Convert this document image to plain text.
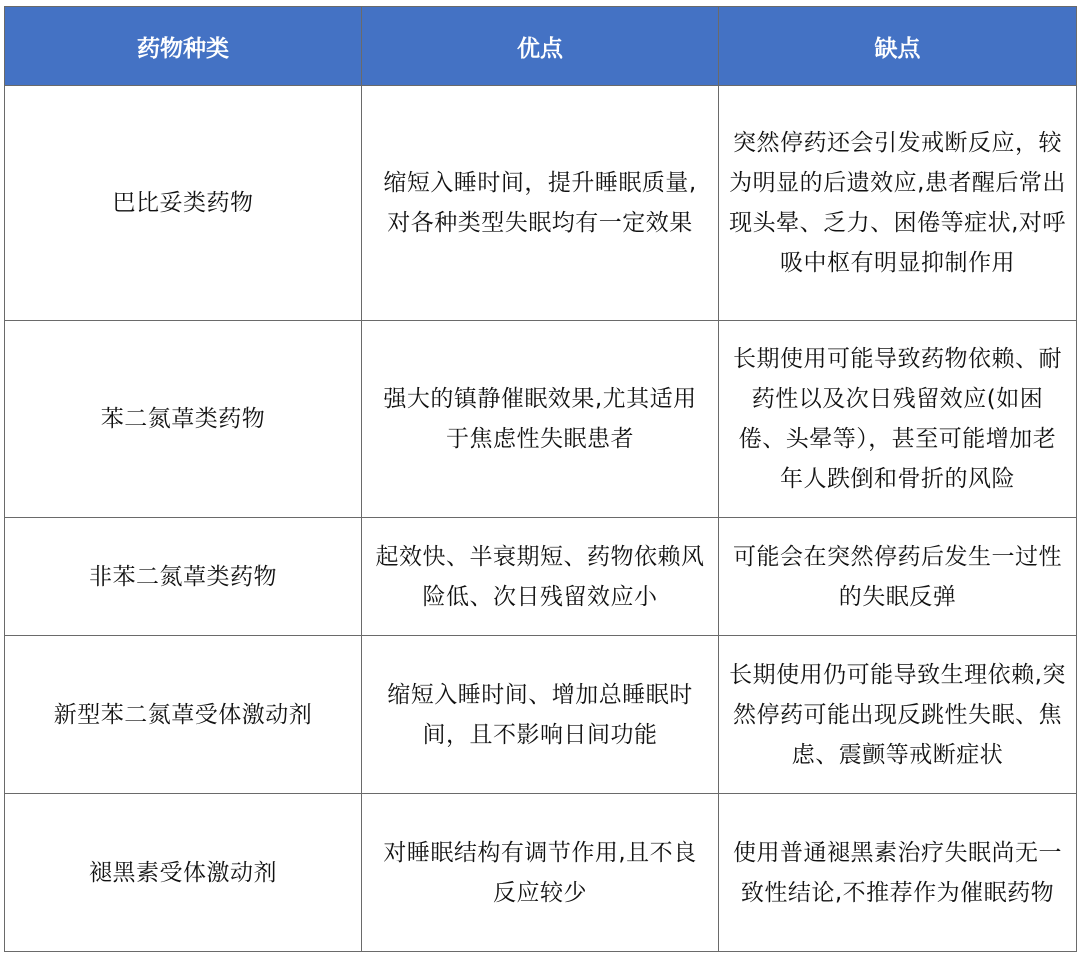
药物种类	优点	缺点
巴比妥类药物	缩短入睡时间，提升睡眠质量,对各种类型失眠均有一定效果	突然停药还会引发戒断反应，较为明显的后遗效应,患者醒后常出现头晕、乏力、困倦等症状,对呼吸中枢有明显抑制作用
苯二氮䓬类药物	强大的镇静催眠效果,尤其适用于焦虑性失眠患者	长期使用可能导致药物依赖、耐药性以及次日残留效应(如困倦、头晕等），甚至可能增加老年人跌倒和骨折的风险
非苯二氮䓬类药物	起效快、半衰期短、药物依赖风险低、次日残留效应小	可能会在突然停药后发生一过性的失眠反弹
新型苯二氮䓬受体激动剂	缩短入睡时间、增加总睡眠时间，且不影响日间功能	长期使用仍可能导致生理依赖,突然停药可能出现反跳性失眠、焦虑、震颤等戒断症状
褪黑素受体激动剂	对睡眠结构有调节作用,且不良反应较少	使用普通褪黑素治疗失眠尚无一致性结论,不推荐作为催眠药物
